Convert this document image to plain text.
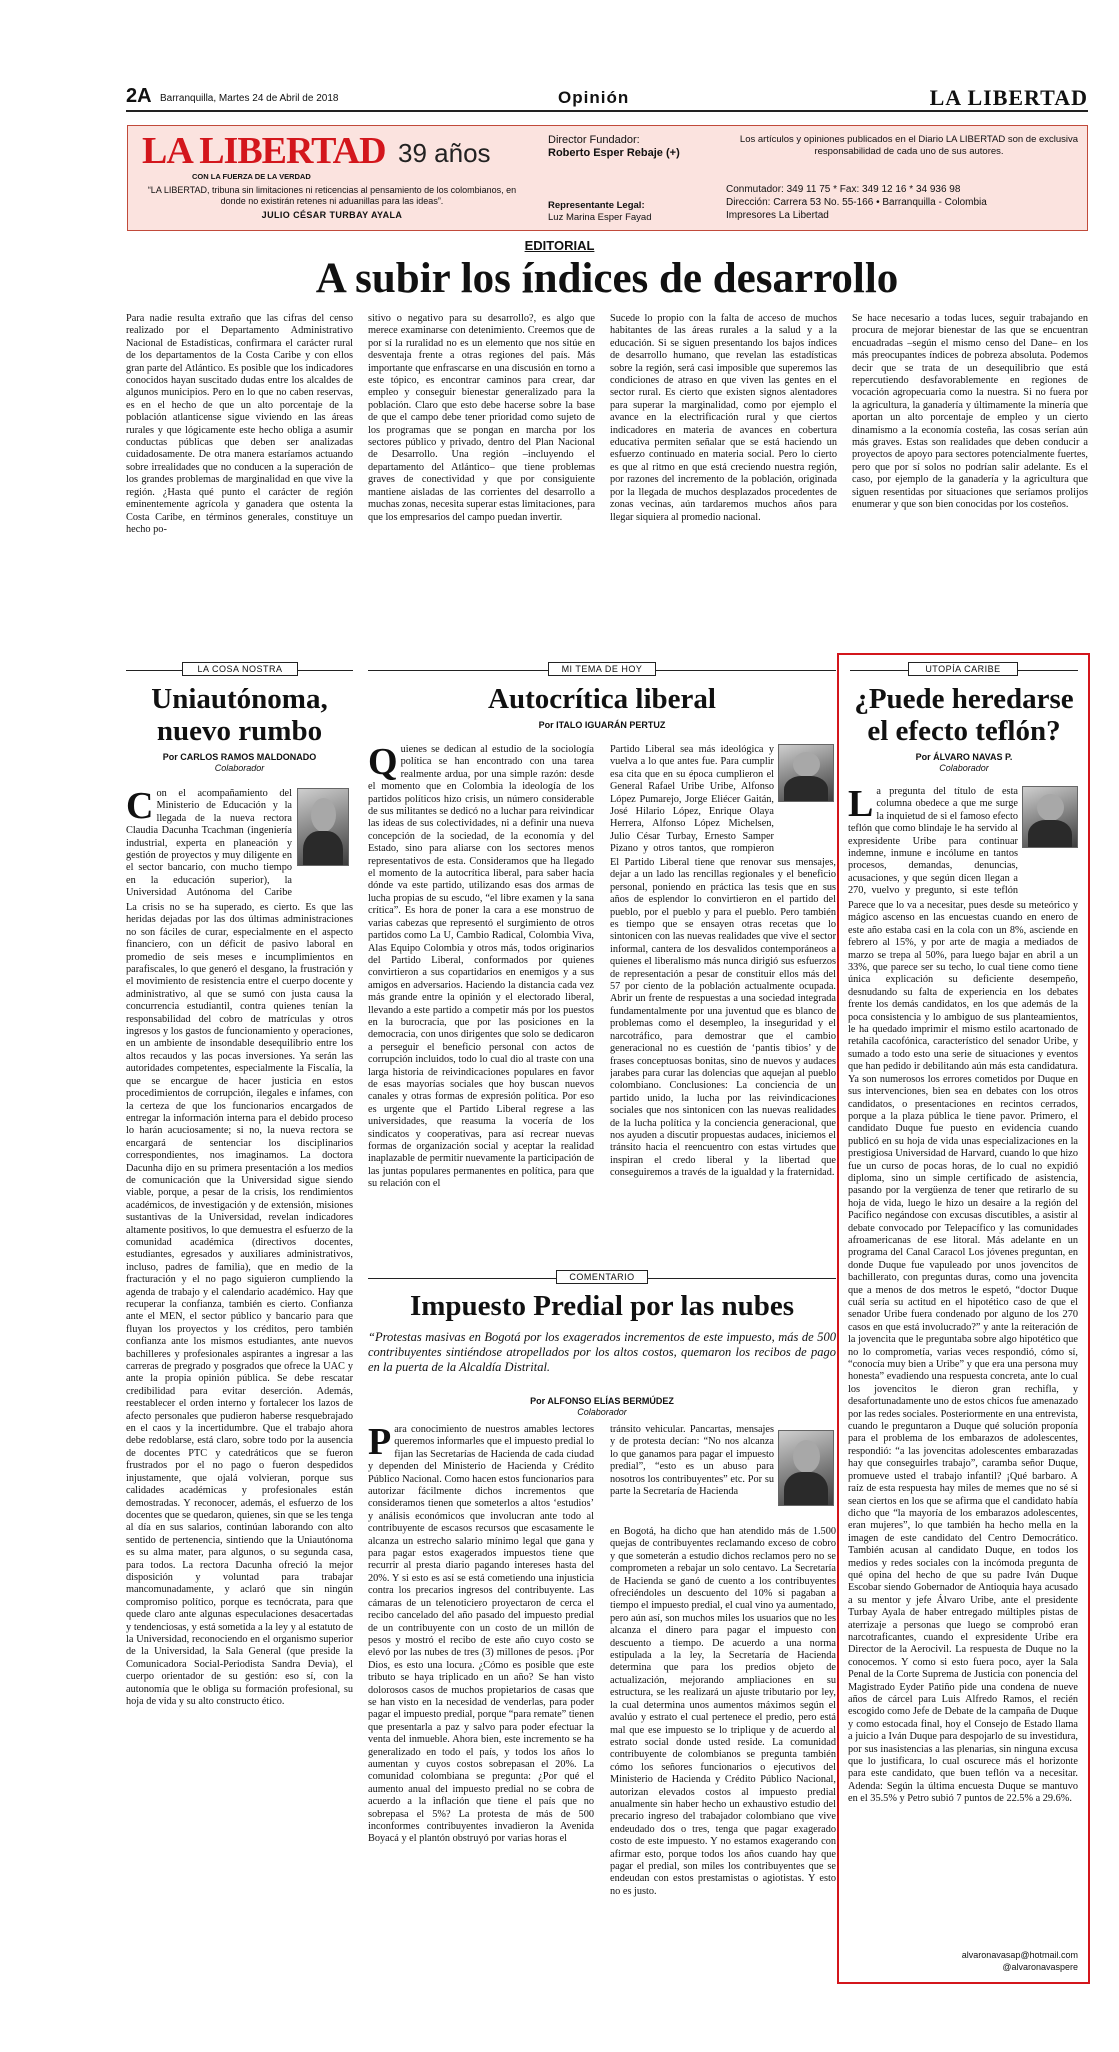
2A Barranquilla, Martes 24 de Abril de 2018	Opinión	LA LIBERTAD
LA LIBERTAD 39 años
CON LA FUERZA DE LA VERDAD
“LA LIBERTAD, tribuna sin limitaciones ni reticencias al pensamiento de los colombianos, en donde no existirán retenes ni aduanillas para las ideas”.
JULIO CÉSAR TURBAY AYALA
Director Fundador:
Roberto Esper Rebaje (+)
Representante Legal:
Luz Marina Esper Fayad
Los artículos y opiniones publicados en el Diario LA LIBERTAD son de exclusiva responsabilidad de cada uno de sus autores.
Conmutador: 349 11 75 * Fax: 349 12 16 * 34 936 98
Dirección: Carrera 53 No. 55-166 • Barranquilla - Colombia
Impresores La Libertad
EDITORIAL
A subir los índices de desarrollo
Para nadie resulta extraño que las cifras del censo realizado por el Departamento Administrativo Nacional de Estadísticas, confirmara el carácter rural de los departamentos de la Costa Caribe y con ellos gran parte del Atlántico. Es posible que los indicadores conocidos hayan suscitado dudas entre los alcaldes de algunos municipios. Pero en lo que no caben reservas, es en el hecho de que un alto porcentaje de la población atlanticense sigue viviendo en las áreas rurales y que lógicamente este hecho obliga a asumir conductas públicas que deben ser analizadas cuidadosamente. De otra manera estaríamos actuando sobre irrealidades que no conducen a la superación de los grandes problemas de marginalidad en que vive la región. ¿Hasta qué punto el carácter de región eminentemente agrícola y ganadera que ostenta la Costa Caribe, en términos generales, constituye un hecho po-
sitivo o negativo para su desarrollo?, es algo que merece examinarse con detenimiento. Creemos que de por sí la ruralidad no es un elemento que nos sitúe en desventaja frente a otras regiones del país. Más importante que enfrascarse en una discusión en torno a este tópico, es encontrar caminos para crear, dar empleo y conseguir bienestar generalizado para la población. Claro que esto debe hacerse sobre la base de que el campo debe tener prioridad como sujeto de los programas que se pongan en marcha por los sectores público y privado, dentro del Plan Nacional de Desarrollo. Una región –incluyendo el departamento del Atlántico– que tiene problemas graves de conectividad y que por consiguiente mantiene aisladas de las corrientes del desarrollo a muchas zonas, necesita superar estas limitaciones, para que los empresarios del campo puedan invertir.
Sucede lo propio con la falta de acceso de muchos habitantes de las áreas rurales a la salud y a la educación. Si se siguen presentando los bajos índices de desarrollo humano, que revelan las estadísticas sobre la región, será casi imposible que superemos las condiciones de atraso en que viven las gentes en el sector rural. Es cierto que existen signos alentadores para superar la marginalidad, como por ejemplo el avance en la electrificación rural y que ciertos indicadores en materia de avances en cobertura educativa permiten señalar que se está haciendo un esfuerzo continuado en materia social. Pero lo cierto es que al ritmo en que está creciendo nuestra región, por razones del incremento de la población, originada por la llegada de muchos desplazados procedentes de zonas vecinas, aún tardaremos muchos años para llegar siquiera al promedio nacional.
Se hace necesario a todas luces, seguir trabajando en procura de mejorar bienestar de las que se encuentran encuadradas –según el mismo censo del Dane– en los más preocupantes índices de pobreza absoluta. Podemos decir que se trata de un desequilibrio que está repercutiendo desfavorablemente en regiones de vocación agropecuaria como la nuestra. Si no fuera por la agricultura, la ganadería y últimamente la minería que aportan un alto porcentaje de empleo y un cierto dinamismo a la economía costeña, las cosas serían aún más graves. Estas son realidades que deben conducir a proyectos de apoyo para sectores potencialmente fuertes, pero que por sí solos no podrían salir adelante. Es el caso, por ejemplo de la ganadería y la agricultura que siguen resentidas por situaciones que seríamos prolijos enumerar y que son bien conocidas por los costeños.
LA COSA NOSTRA
Uniautónoma, nuevo rumbo
Por CARLOS RAMOS MALDONADO
Colaborador
Con el acompañamiento del Ministerio de Educación y la llegada de la nueva rectora Claudia Dacunha Tcachman (ingeniería industrial, experta en planeación y gestión de proyectos y muy diligente en el sector bancario, con mucho tiempo en la educación superior), la Universidad Autónoma del Caribe
La crisis no se ha superado, es cierto. Es que las heridas dejadas por las dos últimas administraciones no son fáciles de curar, especialmente en el aspecto financiero, con un déficit de pasivo laboral en promedio de seis meses e incumplimientos en parafiscales, lo que generó el desgano, la frustración y el movimiento de resistencia entre el cuerpo docente y administrativo, al que se sumó con justa causa la concurrencia estudiantil, contra quienes tenían la responsabilidad del cobro de matrículas y otros ingresos y los gastos de funcionamiento y operaciones, en un ambiente de insondable desequilibrio entre los altos recaudos y las pocas inversiones. Ya serán las autoridades competentes, especialmente la Fiscalía, la que se encargue de hacer justicia en estos procedimientos de corrupción, ilegales e infames, con la certeza de que los funcionarios encargados de entregar la información interna para el debido proceso lo harán acuciosamente; si no, la nueva rectora se encargará de sentenciar los disciplinarios correspondientes, nos imaginamos. La doctora Dacunha dijo en su primera presentación a los medios de comunicación que la Universidad sigue siendo viable, porque, a pesar de la crisis, los rendimientos académicos, de investigación y de extensión, misiones sustantivas de la Universidad, revelan indicadores altamente positivos, lo que demuestra el esfuerzo de la comunidad académica (directivos docentes, estudiantes, egresados y auxiliares administrativos, incluso, padres de familia), que en medio de la fracturación y el no pago siguieron cumpliendo la agenda de trabajo y el calendario académico. Hay que recuperar la confianza, también es cierto. Confianza ante el MEN, el sector público y bancario para que fluyan los proyectos y los créditos, pero también confianza ante los mismos estudiantes, ante nuevos bachilleres y profesionales aspirantes a ingresar a las carreras de pregrado y posgrados que ofrece la UAC y ante la propia opinión pública. Se debe rescatar credibilidad para evitar deserción. Además, reestablecer el orden interno y fortalecer los lazos de afecto personales que pudieron haberse resquebrajado en el caos y la incertidumbre. Que el trabajo ahora debe redoblarse, está claro, sobre todo por la ausencia de docentes PTC y catedráticos que se fueron frustrados por el no pago o fueron despedidos injustamente, que ojalá volvieran, porque sus calidades académicas y profesionales están demostradas. Y reconocer, además, el esfuerzo de los docentes que se quedaron, quienes, sin que se les tenga al día en sus salarios, continúan laborando con alto sentido de pertenencia, sintiendo que la Uniautónoma es su alma mater, para algunos, o su segunda casa, para todos. La rectora Dacunha ofreció la mejor disposición y voluntad para trabajar mancomunadamente, y aclaró que sin ningún compromiso político, porque es tecnócrata, para que quede claro ante algunas especulaciones desacertadas y tendenciosas, y está sometida a la ley y al estatuto de la Universidad, reconociendo en el organismo superior de la Universidad, la Sala General (que preside la Comunicadora Social-Periodista Sandra Devia), el cuerpo orientador de su gestión: eso sí, con la autonomía que le obliga su formación profesional, su hoja de vida y su alto constructo ético.
MI TEMA DE HOY
Autocrítica liberal
Por ITALO IGUARÁN PERTUZ
Quienes se dedican al estudio de la sociología política se han encontrado con una tarea realmente ardua, por una simple razón: desde el momento que en Colombia la ideología de los partidos políticos hizo crisis, un número considerable de sus militantes se dedicó no a luchar para reivindicar las ideas de sus colectividades, ni a definir una nueva concepción de la sociedad, de la economía y del Estado, sino para aliarse con los sectores menos representativos de esta. Consideramos que ha llegado el momento de la autocrítica liberal, para saber hacia dónde va este partido, utilizando esas dos armas de lucha propias de su escudo, “el libre examen y la sana crítica”. Es hora de poner la cara a ese monstruo de varias cabezas que representó el surgimiento de otros partidos como La U, Cambio Radical, Colombia Viva, Alas Equipo Colombia y otros más, todos originarios del Partido Liberal, conformados por quienes convirtieron a sus copartidarios en enemigos y a sus amigos en adversarios. Haciendo la distancia cada vez más grande entre la opinión y el electorado liberal, llevando a este partido a competir más por los puestos en la burocracia, que por las posiciones en la democracia, con unos dirigentes que solo se dedicaron a perseguir el beneficio personal con actos de corrupción incluidos, todo lo cual dio al traste con una larga historia de reivindicaciones populares en favor de esas mayorías sociales que hoy buscan nuevos canales y otras formas de expresión política. Por eso es urgente que el Partido Liberal regrese a las universidades, que reasuma la vocería de los sindicatos y cooperativas, para así recrear nuevas formas de organización social y aceptar la realidad inaplazable de permitir nuevamente la participación de las juntas populares permanentes en política, para que su relación con el
Partido Liberal sea más ideológica y vuelva a lo que antes fue. Para cumplir esa cita que en su época cumplieron el General Rafael Uribe Uribe, Alfonso López Pumarejo, Jorge Eliécer Gaitán, José Hilario López, Enrique Olaya Herrera, Alfonso López Michelsen, Julio César Turbay, Ernesto Samper Pizano y otros tantos, que rompieron
El Partido Liberal tiene que renovar sus mensajes, dejar a un lado las rencillas regionales y el beneficio personal, poniendo en práctica las tesis que en sus años de esplendor lo convirtieron en el partido del pueblo, por el pueblo y para el pueblo. Pero también es tiempo que se ensayen otras recetas que lo sintonicen con las nuevas realidades que vive el sector informal, cantera de los desvalidos contemporáneos a quienes el liberalismo más nunca dirigió sus esfuerzos de representación a pesar de constituir ellos más del 57 por ciento de la población actualmente ocupada. Abrir un frente de respuestas a una sociedad integrada fundamentalmente por una juventud que es blanco de problemas como el desempleo, la inseguridad y el narcotráfico, para demostrar que el cambio generacional no es cuestión de ‘pantis tibios’ y de frases conceptuosas bonitas, sino de nuevos y audaces jarabes para curar las dolencias que aquejan al pueblo colombiano. Conclusiones: La conciencia de un partido unido, la lucha por las reivindicaciones sociales que nos sintonicen con las nuevas realidades de la lucha política y la conciencia generacional, que nos ayuden a discutir propuestas audaces, iniciemos el tránsito hacia el reencuentro con estas virtudes que inspiran el credo liberal y la libertad que conseguiremos a través de la igualdad y la fraternidad.
COMENTARIO
Impuesto Predial por las nubes
“Protestas masivas en Bogotá por los exagerados incrementos de este impuesto, más de 500 contribuyentes sintiéndose atropellados por los altos costos, quemaron los recibos de pago en la puerta de la Alcaldía Distrital.
Por ALFONSO ELÍAS BERMÚDEZ
Colaborador
Para conocimiento de nuestros amables lectores queremos informarles que el impuesto predial lo fijan las Secretarías de Hacienda de cada ciudad y dependen del Ministerio de Hacienda y Crédito Público Nacional. Como hacen estos funcionarios para autorizar fácilmente dichos incrementos que consideramos tienen que someterlos a altos ‘estudios’ y análisis económicos que involucran ante todo al contribuyente de escasos recursos que escasamente le alcanza un estrecho salario mínimo legal que gana y para pagar estos exagerados impuestos tiene que recurrir al presta diario pagando intereses hasta del 20%. Y si esto es así se está cometiendo una injusticia contra los precarios ingresos del contribuyente. Las cámaras de un telenoticiero proyectaron de cerca el recibo cancelado del año pasado del impuesto predial de un contribuyente con un costo de un millón de pesos y mostró el recibo de este año cuyo costo se elevó por las nubes de tres (3) millones de pesos. ¡Por Dios, es esto una locura. ¿Cómo es posible que este tributo se haya triplicado en un año? Se han visto dolorosos casos de muchos propietarios de casas que se han visto en la necesidad de venderlas, para poder pagar el impuesto predial, porque “para remate” tienen que presentarla a paz y salvo para poder efectuar la venta del inmueble. Ahora bien, este incremento se ha generalizado en todo el país, y todos los años lo aumentan y cuyos costos sobrepasan el 20%. La comunidad colombiana se pregunta: ¿Por qué el aumento anual del impuesto predial no se cobra de acuerdo a la inflación que tiene el país que no sobrepasa el 5%? La protesta de más de 500 inconformes contribuyentes invadieron la Avenida Boyacá y el plantón obstruyó por varias horas el
tránsito vehicular. Pancartas, mensajes y de protesta decían: “No nos alcanza lo que ganamos para pagar el impuesto predial”, “esto es un abuso para nosotros los contribuyentes” etc. Por su parte la Secretaría de Hacienda
en Bogotá, ha dicho que han atendido más de 1.500 quejas de contribuyentes reclamando exceso de cobro y que someterán a estudio dichos reclamos pero no se comprometen a rebajar un solo centavo. La Secretaría de Hacienda se ganó de cuento a los contribuyentes ofreciéndoles un descuento del 10% si pagaban a tiempo el impuesto predial, el cual vino ya aumentado, pero aún así, son muchos miles los usuarios que no les alcanza el dinero para pagar el impuesto con descuento a tiempo. De acuerdo a una norma estipulada a la ley, la Secretaría de Hacienda determina que para los predios objeto de actualización, mejorando ampliaciones en su estructura, se les realizará un ajuste tributario por ley, la cual determina unos aumentos máximos según el avalúo y estrato el cual pertenece el predio, pero está mal que ese impuesto se lo triplique y de acuerdo al estrato social donde usted reside. La comunidad contribuyente de colombianos se pregunta también cómo los señores funcionarios o ejecutivos del Ministerio de Hacienda y Crédito Público Nacional, autorizan elevados costos al impuesto predial anualmente sin haber hecho un exhaustivo estudio del precario ingreso del trabajador colombiano que vive endeudado dos o tres, tenga que pagar exagerado costo de este impuesto. Y no estamos exagerando con afirmar esto, porque todos los años cuando hay que pagar el predial, son miles los contribuyentes que se endeudan con estos prestamistas o agiotistas. Y esto no es justo.
UTOPÍA CARIBE
¿Puede heredarse el efecto teflón?
Por ÁLVARO NAVAS P.
Colaborador
La pregunta del título de esta columna obedece a que me surge la inquietud de si el famoso efecto teflón que como blindaje le ha servido al expresidente Uribe para continuar indemne, inmune e incólume en tantos procesos, demandas, denuncias, acusaciones, y que según dicen llegan a 270, vuelvo y pregunto, si este teflón
Parece que lo va a necesitar, pues desde su meteórico y mágico ascenso en las encuestas cuando en enero de este año estaba casi en la cola con un 8%, asciende en febrero al 15%, y por arte de magia a mediados de marzo se trepa al 50%, para luego bajar en abril a un 33%, que parece ser su techo, lo cual tiene como tiene única explicación su deficiente desempeño, desnudando su falta de experiencia en los debates frente los demás candidatos, en los que además de la poca consistencia y lo ambiguo de sus planteamientos, le ha quedado imprimir el mismo estilo acartonado de retahíla cacofónica, característico del senador Uribe, y sumado a todo esto una serie de situaciones y eventos que han pedido ir debilitando aún más esta candidatura. Ya son numerosos los errores cometidos por Duque en sus intervenciones, bien sea en debates con los otros candidatos, o presentaciones en recintos cerrados, porque a la plaza pública le tiene pavor. Primero, el candidato Duque fue puesto en evidencia cuando publicó en su hoja de vida unas especializaciones en la prestigiosa Universidad de Harvard, cuando lo que hizo fue un curso de pocas horas, de lo cual no expidió diploma, sino un simple certificado de asistencia, pasando por la vergüenza de tener que retirarlo de su hoja de vida, luego le hizo un desaire a la región del Pacífico negándose con excusas discutibles, a asistir al debate convocado por Telepacífico y las comunidades afroamericanas de ese litoral. Más adelante en un programa del Canal Caracol Los jóvenes preguntan, en donde Duque fue vapuleado por unos jovencitos de bachillerato, con preguntas duras, como una jovencita que a menos de dos metros le espetó, “doctor Duque cuál sería su actitud en el hipotético caso de que el senador Uribe fuera condenado por alguno de los 270 casos en que está involucrado?” y ante la reiteración de la jovencita que le preguntaba sobre algo hipotético que no lo comprometía, varias veces respondió, cómo sí, “conocía muy bien a Uribe” y que era una persona muy honesta” evadiendo una respuesta concreta, ante lo cual los jovencitos le dieron gran rechifla, y desafortunadamente uno de estos chicos fue amenazado por las redes sociales. Posteriormente en una entrevista, cuando le preguntaron a Duque qué solución proponía para el problema de los embarazos de adolescentes, respondió: “a las jovencitas adolescentes embarazadas hay que conseguirles trabajo”, caramba señor Duque, promueve usted el trabajo infantil? ¡Qué barbaro. A raíz de esta respuesta hay miles de memes que no sé si sean ciertos en los que se afirma que el candidato había dicho que “la mayoría de los embarazos adolescentes, eran mujeres”, lo que también ha hecho mella en la imagen de este candidato del Centro Democrático. También acusan al candidato Duque, en todos los medios y redes sociales con la incómoda pregunta de qué opina del hecho de que su padre Iván Duque Escobar siendo Gobernador de Antioquia haya acusado a su mentor y jefe Álvaro Uribe, ante el presidente Turbay Ayala de haber entregado múltiples pistas de aterrizaje a personas que luego se comprobó eran narcotraficantes, cuando el expresidente Uribe era Director de la Aerocivil. La respuesta de Duque no la conocemos. Y como si esto fuera poco, ayer la Sala Penal de la Corte Suprema de Justicia con ponencia del Magistrado Eyder Patiño pide una condena de nueve años de cárcel para Luis Alfredo Ramos, el recién escogido como Jefe de Debate de la campaña de Duque y como estocada final, hoy el Consejo de Estado llama a juicio a Iván Duque para despojarlo de su investidura, por sus inasistencias a las plenarias, sin ninguna excusa que lo justificara, lo cual oscurece más el horizonte para este candidato, que buen teflón va a necesitar. Adenda: Según la última encuesta Duque se mantuvo en el 35.5% y Petro subió 7 puntos de 22.5% a 29.6%.
alvaronavasap@hotmail.com
@alvaronavaspere
